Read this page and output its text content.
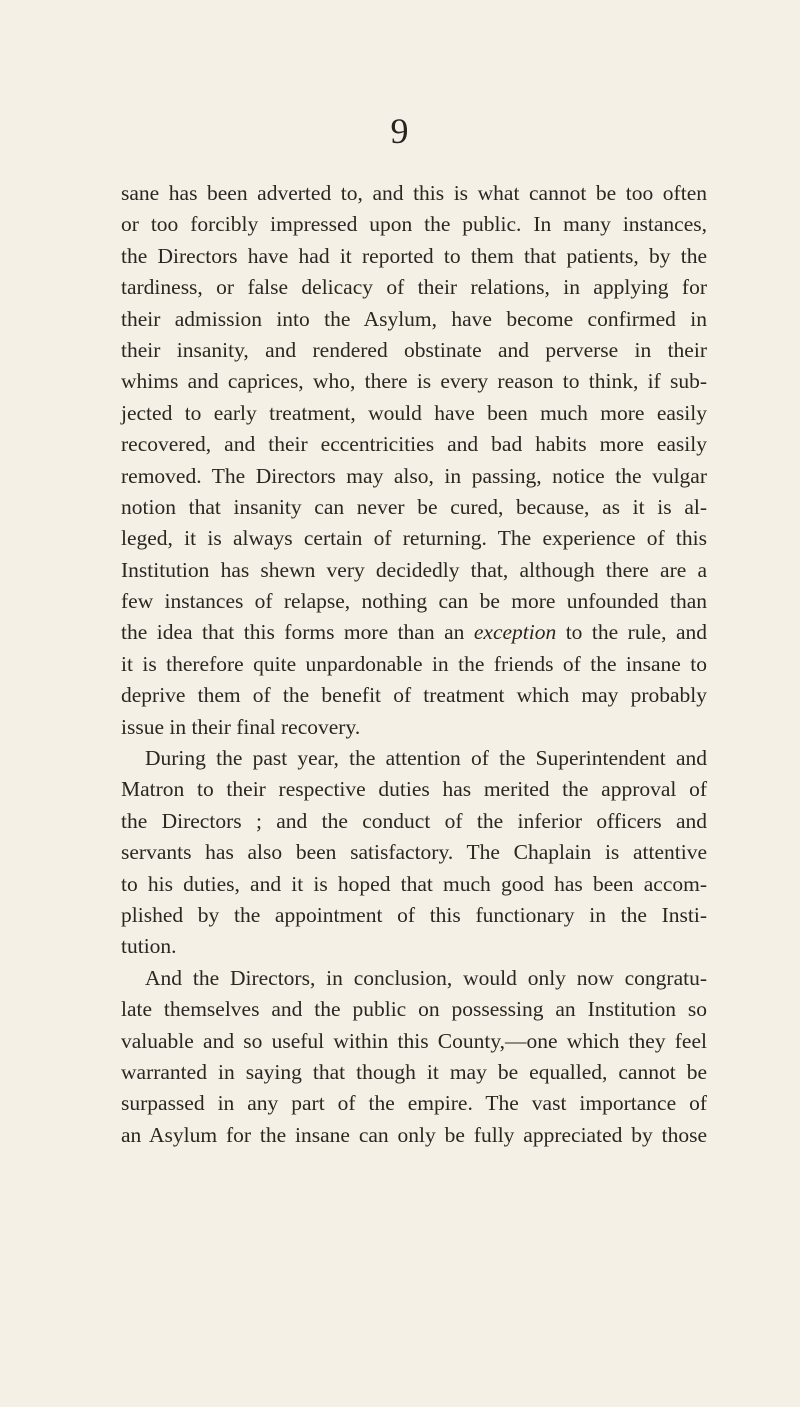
9
sane has been adverted to, and this is what cannot be too often
or too forcibly impressed upon the public. In many instances,
the Directors have had it reported to them that patients, by the
tardiness, or false delicacy of their relations, in applying for
their admission into the Asylum, have become confirmed in
their insanity, and rendered obstinate and perverse in their
whims and caprices, who, there is every reason to think, if sub-
jected to early treatment, would have been much more easily
recovered, and their eccentricities and bad habits more easily
removed. The Directors may also, in passing, notice the vulgar
notion that insanity can never be cured, because, as it is al-
leged, it is always certain of returning. The experience of this
Institution has shewn very decidedly that, although there are a
few instances of relapse, nothing can be more unfounded than
the idea that this forms more than an exception to the rule, and
it is therefore quite unpardonable in the friends of the insane to
deprive them of the benefit of treatment which may probably
issue in their final recovery.
During the past year, the attention of the Superintendent and
Matron to their respective duties has merited the approval of
the Directors ; and the conduct of the inferior officers and
servants has also been satisfactory. The Chaplain is attentive
to his duties, and it is hoped that much good has been accom-
plished by the appointment of this functionary in the Insti-
tution.
And the Directors, in conclusion, would only now congratu-
late themselves and the public on possessing an Institution so
valuable and so useful within this County,—one which they feel
warranted in saying that though it may be equalled, cannot be
surpassed in any part of the empire. The vast importance of
an Asylum for the insane can only be fully appreciated by those
